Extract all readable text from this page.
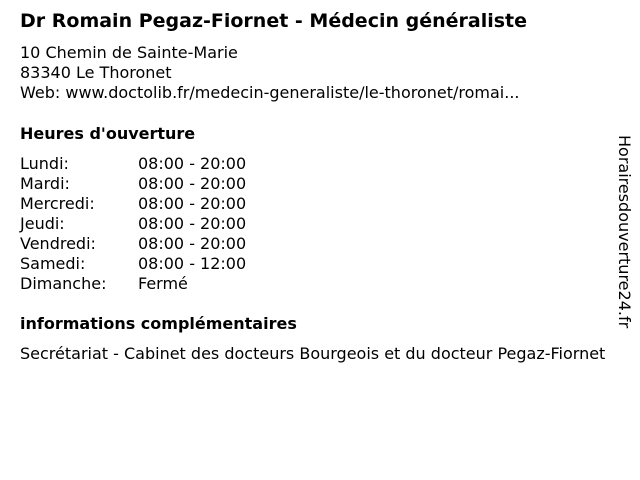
Dr Romain Pegaz-Fiornet - Médecin généraliste
10 Chemin de Sainte-Marie
83340 Le Thoronet
Web: www.doctolib.fr/medecin-generaliste/le-thoronet/romai...
Heures d'ouverture
Lundi:	08:00 - 20:00
Mardi:	08:00 - 20:00
Mercredi:	08:00 - 20:00
Jeudi:	08:00 - 20:00
Vendredi:	08:00 - 20:00
Samedi:	08:00 - 12:00
Dimanche:	Fermé
informations complémentaires
Secrétariat - Cabinet des docteurs Bourgeois et du docteur Pegaz-Fiornet
Horairesdouverture24.fr
